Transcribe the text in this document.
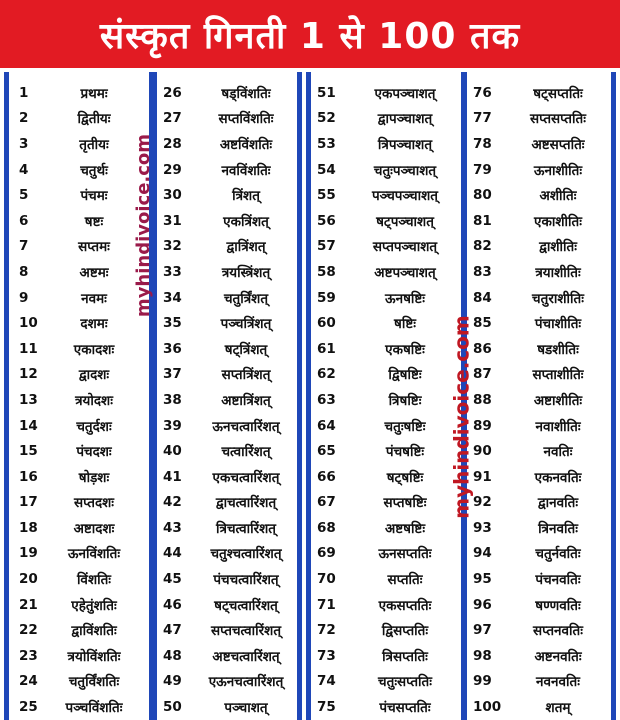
संस्कृत गिनती 1 से 100 तक
1	प्रथमः
2	द्वितीयः
3	तृतीयः
4	चतुर्थः
5	पंचमः
6	षष्टः
7	सप्तमः
8	अष्टमः
9	नवमः
10	दशमः
11	एकादशः
12	द्वादशः
13	त्रयोदशः
14	चतुर्दशः
15	पंचदशः
16	षोड़शः
17	सप्तदशः
18	अष्टादशः
19	ऊनविंशतिः
20	विंशतिः
21	एहेतुंशतिः
22	द्वाविंशतिः
23	त्रयोविंशतिः
24	चतुर्विंशतिः
25	पञ्चविंशतिः
26	षड्विंशतिः
27	सप्तविंशतिः
28	अष्टविंशतिः
29	नवविंशतिः
30	त्रिंशत्
31	एकत्रिंशत्
32	द्वात्रिंशत्
33	त्रयस्त्रिंशत्
34	चतुर्त्रिंशत्
35	पञ्चत्रिंशत्
36	षट्त्रिंशत्
37	सप्तत्रिंशत्
38	अष्टात्रिंशत्
39	ऊनचत्वारिंशत्
40	चत्वारिंशत्
41	एकचत्वारिंशत्
42	द्वाचत्वारिंशत्
43	त्रिचत्वारिंशत्
44	चतुश्चत्वारिंशत्
45	पंचचत्वारिंशत्
46	षट्चत्वारिंशत्
47	सप्तचत्वारिंशत्
48	अष्टचत्वारिंशत्
49	एऊनचत्वारिंशत्
50	पञ्चाशत्
51	एकपञ्चाशत्
52	द्वापञ्चाशत्
53	त्रिपञ्चाशत्
54	चतुःपञ्चाशत्
55	पञ्चपञ्चाशत्
56	षट्पञ्चाशत्
57	सप्तपञ्चाशत्
58	अष्टपञ्चाशत्
59	ऊनषष्टिः
60	षष्टिः
61	एकषष्टिः
62	द्विषष्टिः
63	त्रिषष्टिः
64	चतुःषष्टिः
65	पंचषष्टिः
66	षट्षष्टिः
67	सप्तषष्टिः
68	अष्टषष्टिः
69	ऊनसप्ततिः
70	सप्ततिः
71	एकसप्ततिः
72	द्विसप्ततिः
73	त्रिसप्ततिः
74	चतुःसप्ततिः
75	पंचसप्ततिः
76	षट्सप्ततिः
77	सप्तसप्ततिः
78	अष्टसप्ततिः
79	ऊनाशीतिः
80	अशीतिः
81	एकाशीतिः
82	द्वाशीतिः
83	त्रयाशीतिः
84	चतुराशीतिः
85	पंचाशीतिः
86	षडशीतिः
87	सप्ताशीतिः
88	अष्टाशीतिः
89	नवाशीतिः
90	नवतिः
91	एकनवतिः
92	द्वानवतिः
93	त्रिनवतिः
94	चतुर्नवतिः
95	पंचनवतिः
96	षण्णवतिः
97	सप्तनवतिः
98	अष्टनवतिः
99	नवनवतिः
100	शतम्
myhindivoice.com
myhindivoice.com
